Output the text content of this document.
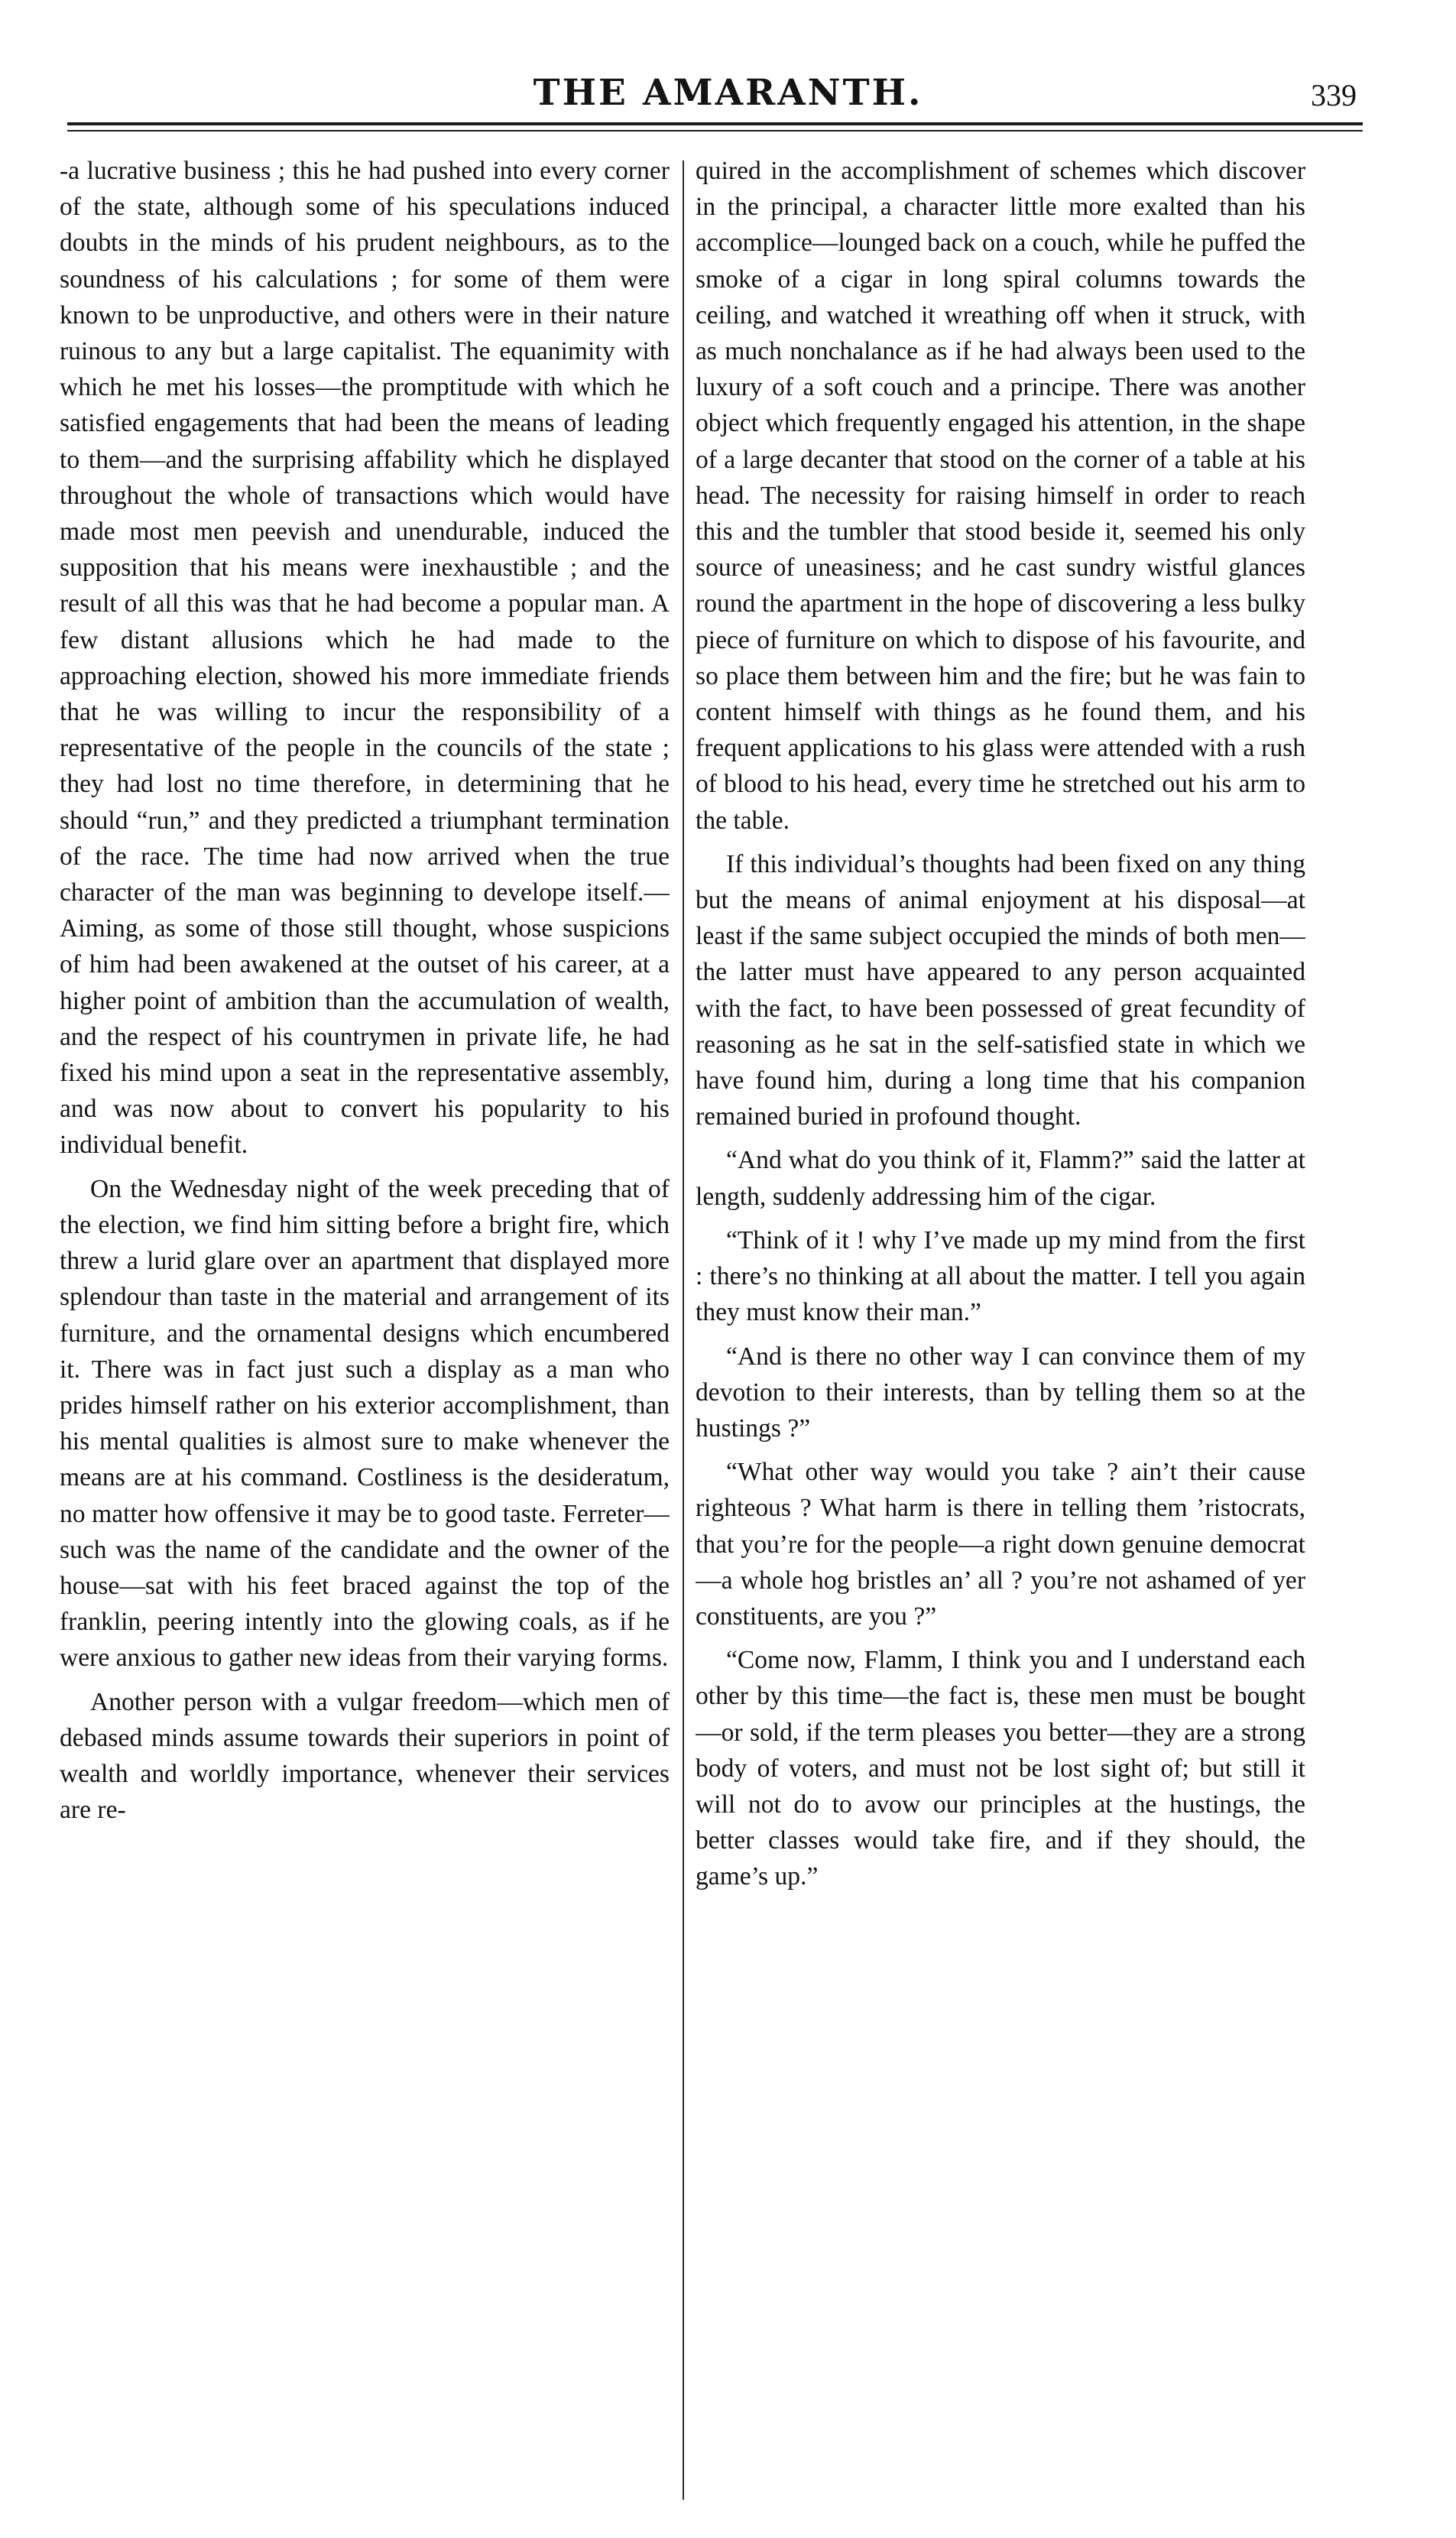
THE AMARANTH.	339

-a lucrative business ; this he had pushed into every corner of the state, although some of his speculations induced doubts in the minds of his prudent neighbours, as to the soundness of his calculations ; for some of them were known to be unproductive, and others were in their nature ruinous to any but a large capitalist. The equanimity with which he met his losses—the promptitude with which he satisfied engagements that had been the means of leading to them—and the surprising affability which he displayed throughout the whole of transactions which would have made most men peevish and unendurable, induced the supposition that his means were inexhaustible ; and the result of all this was that he had become a popular man. A few distant allusions which he had made to the approaching election, showed his more immediate friends that he was willing to incur the responsibility of a representative of the people in the councils of the state ; they had lost no time therefore, in determining that he should “run,” and they predicted a triumphant termination of the race. The time had now arrived when the true character of the man was beginning to develope itself.—Aiming, as some of those still thought, whose suspicions of him had been awakened at the outset of his career, at a higher point of ambition than the accumulation of wealth, and the respect of his countrymen in private life, he had fixed his mind upon a seat in the representative assembly, and was now about to convert his popularity to his individual benefit.

On the Wednesday night of the week preceding that of the election, we find him sitting before a bright fire, which threw a lurid glare over an apartment that displayed more splendour than taste in the material and arrangement of its furniture, and the ornamental designs which encumbered it. There was in fact just such a display as a man who prides himself rather on his exterior accomplishment, than his mental qualities is almost sure to make whenever the means are at his command. Costliness is the desideratum, no matter how offensive it may be to good taste. Ferreter—such was the name of the candidate and the owner of the house—sat with his feet braced against the top of the franklin, peering intently into the glowing coals, as if he were anxious to gather new ideas from their varying forms.

Another person with a vulgar freedom—which men of debased minds assume towards their superiors in point of wealth and worldly importance, whenever their services are re-

quired in the accomplishment of schemes which discover in the principal, a character little more exalted than his accomplice—lounged back on a couch, while he puffed the smoke of a cigar in long spiral columns towards the ceiling, and watched it wreathing off when it struck, with as much nonchalance as if he had always been used to the luxury of a soft couch and a principe. There was another object which frequently engaged his attention, in the shape of a large decanter that stood on the corner of a table at his head. The necessity for raising himself in order to reach this and the tumbler that stood beside it, seemed his only source of uneasiness; and he cast sundry wistful glances round the apartment in the hope of discovering a less bulky piece of furniture on which to dispose of his favourite, and so place them between him and the fire; but he was fain to content himself with things as he found them, and his frequent applications to his glass were attended with a rush of blood to his head, every time he stretched out his arm to the table.

If this individual’s thoughts had been fixed on any thing but the means of animal enjoyment at his disposal—at least if the same subject occupied the minds of both men—the latter must have appeared to any person acquainted with the fact, to have been possessed of great fecundity of reasoning as he sat in the self-satisfied state in which we have found him, during a long time that his companion remained buried in profound thought.

“And what do you think of it, Flamm?” said the latter at length, suddenly addressing him of the cigar.

“Think of it ! why I’ve made up my mind from the first : there’s no thinking at all about the matter. I tell you again they must know their man.”

“And is there no other way I can convince them of my devotion to their interests, than by telling them so at the hustings ?”

“What other way would you take ? ain’t their cause righteous ? What harm is there in telling them ’ristocrats, that you’re for the people—a right down genuine democrat—a whole hog bristles an’ all ? you’re not ashamed of yer constituents, are you ?”

“Come now, Flamm, I think you and I understand each other by this time—the fact is, these men must be bought—or sold, if the term pleases you better—they are a strong body of voters, and must not be lost sight of; but still it will not do to avow our principles at the hustings, the better classes would take fire, and if they should, the game’s up.”
